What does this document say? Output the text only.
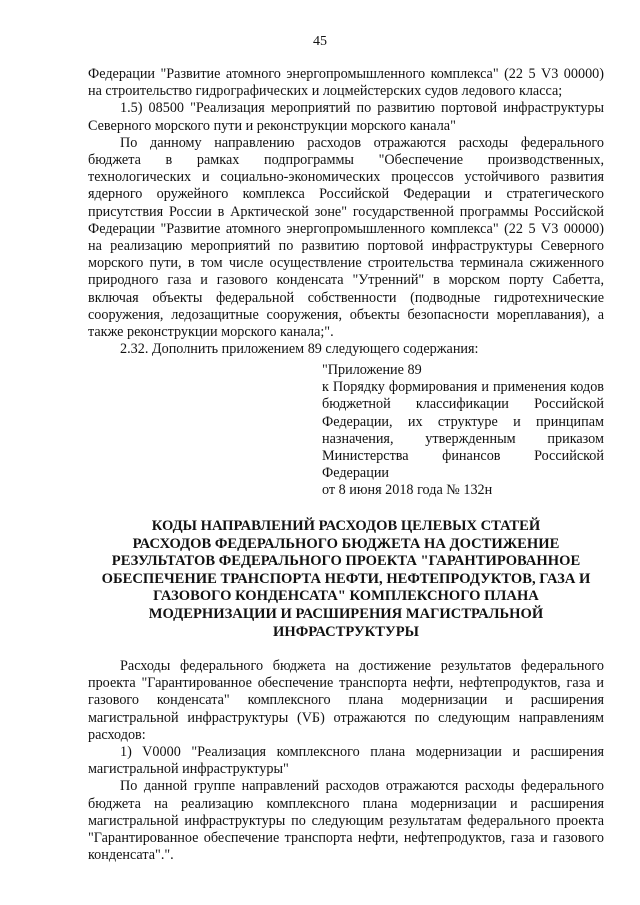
45

Федерации "Развитие атомного энергопромышленного комплекса" (22 5 V3 00000) на строительство гидрографических и лоцмейстерских судов ледового класса;

1.5) 08500 "Реализация мероприятий по развитию портовой инфраструктуры Северного морского пути и реконструкции морского канала"

По данному направлению расходов отражаются расходы федерального бюджета в рамках подпрограммы "Обеспечение производственных, технологических и социально-экономических процессов устойчивого развития ядерного оружейного комплекса Российской Федерации и стратегического присутствия России в Арктической зоне" государственной программы Российской Федерации "Развитие атомного энергопромышленного комплекса" (22 5 V3 00000) на реализацию мероприятий по развитию портовой инфраструктуры Северного морского пути, в том числе осуществление строительства терминала сжиженного природного газа и газового конденсата "Утренний" в морском порту Сабетта, включая объекты федеральной собственности (подводные гидротехнические сооружения, ледозащитные сооружения, объекты безопасности мореплавания), а также реконструкции морского канала;".

2.32. Дополнить приложением 89 следующего содержания:

"Приложение 89

к Порядку формирования и применения кодов бюджетной классификации Российской Федерации, их структуре и принципам назначения, утвержденным приказом Министерства финансов Российской Федерации

от 8 июня 2018 года № 132н

КОДЫ НАПРАВЛЕНИЙ РАСХОДОВ ЦЕЛЕВЫХ СТАТЕЙ
РАСХОДОВ ФЕДЕРАЛЬНОГО БЮДЖЕТА НА ДОСТИЖЕНИЕ
РЕЗУЛЬТАТОВ ФЕДЕРАЛЬНОГО ПРОЕКТА "ГАРАНТИРОВАННОЕ
ОБЕСПЕЧЕНИЕ ТРАНСПОРТА НЕФТИ, НЕФТЕПРОДУКТОВ, ГАЗА И
ГАЗОВОГО КОНДЕНСАТА" КОМПЛЕКСНОГО ПЛАНА
МОДЕРНИЗАЦИИ И РАСШИРЕНИЯ МАГИСТРАЛЬНОЙ
ИНФРАСТРУКТУРЫ

Расходы федерального бюджета на достижение результатов федерального проекта "Гарантированное обеспечение транспорта нефти, нефтепродуктов, газа и газового конденсата" комплексного плана модернизации и расширения магистральной инфраструктуры (VБ) отражаются по следующим направлениям расходов:

1) V0000 "Реализация комплексного плана модернизации и расширения магистральной инфраструктуры"

По данной группе направлений расходов отражаются расходы федерального бюджета на реализацию комплексного плана модернизации и расширения магистральной инфраструктуры по следующим результатам федерального проекта "Гарантированное обеспечение транспорта нефти, нефтепродуктов, газа и газового конденсата".".
